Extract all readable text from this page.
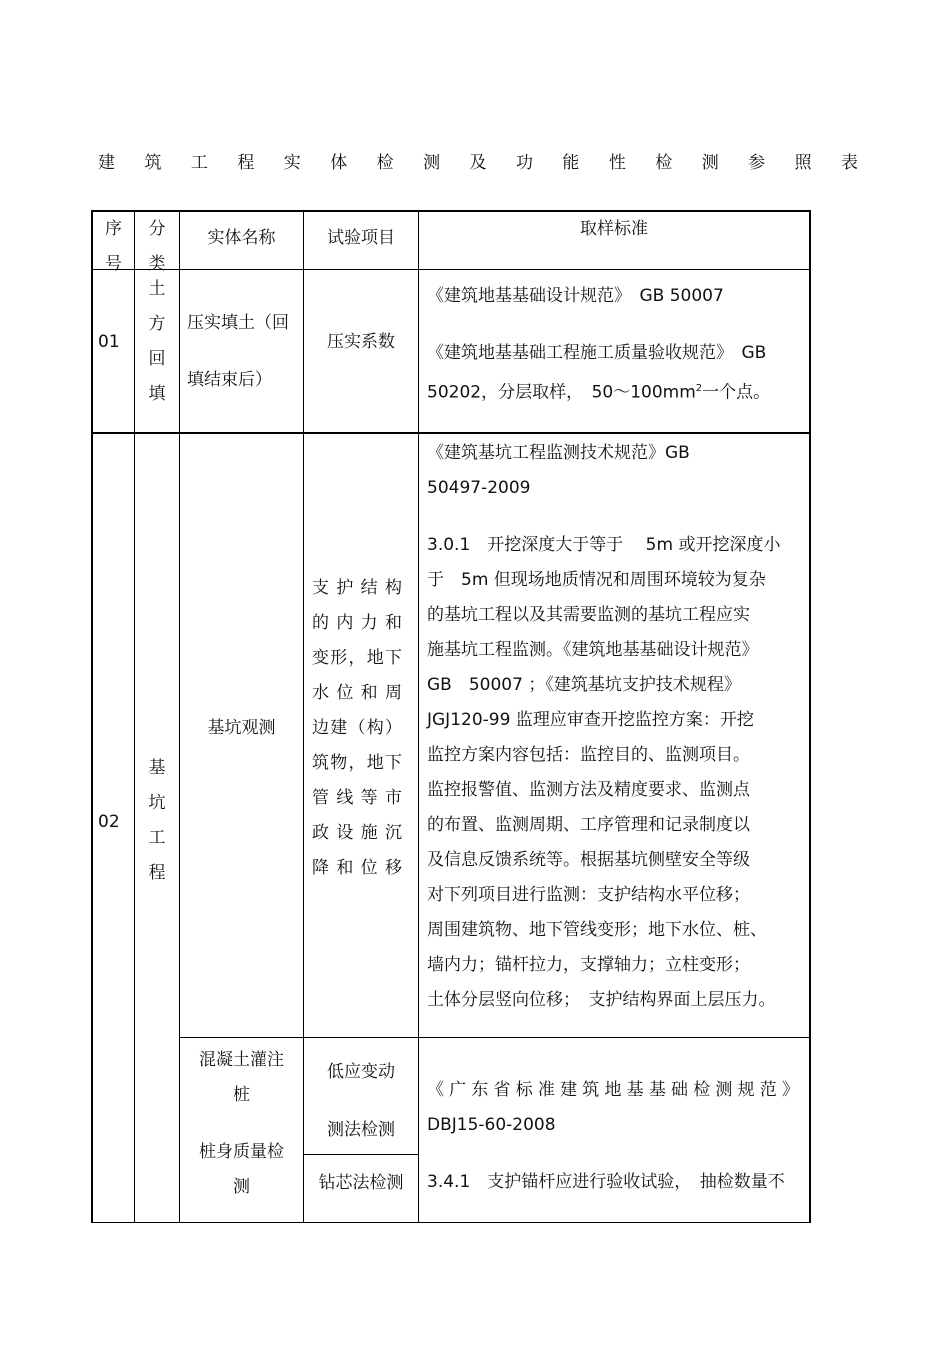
建 筑 工 程 实 体 检 测 及 功 能 性 检 测 参 照 表
序
号
分
类
实体名称	试验项目	取样标准
01
土
方
回
填
压实填土（回
填结束后）
压实系数
《建筑地基基础设计规范》　GB 50007
《建筑地基基础工程施工质量验收规范》　GB
50202，分层取样，　$50\sim 100mm^2$一个点。
02
基
坑
工
程
基坑观测
支护结构
的内力和
变形，地下
水位和周
边建（构）
筑物，地下
管线等市
政设施沉
降和位移
《建筑基坑工程监测技术规范》GB
50497-2009
3.0.1　开挖深度大于等于　 5m 或开挖深度小
于　5m 但现场地质情况和周围环境较为复杂
的基坑工程以及其需要监测的基坑工程应实
施基坑工程监测。《建筑地基基础设计规范》
GB　50007 ；《建筑基坑支护技术规程》
JGJ120-99 监理应审查开挖监控方案：开挖
监控方案内容包括：监控目的、监测项目。
监控报警值、监测方法及精度要求、监测点
的布置、监测周期、工序管理和记录制度以
及信息反馈系统等。根据基坑侧壁安全等级
对下列项目进行监测：支护结构水平位移；
周围建筑物、地下管线变形；地下水位、桩、
墙内力；锚杆拉力，支撑轴力；立柱变形；
土体分层竖向位移；　支护结构界面上层压力。
混凝土灌注
桩
桩身质量检
测
低应变动
测法检测
钻芯法检测
《广东省标准建筑地基基础检测规范》
DBJ15-60-2008
3.4.1　支护锚杆应进行验收试验，　抽检数量不
